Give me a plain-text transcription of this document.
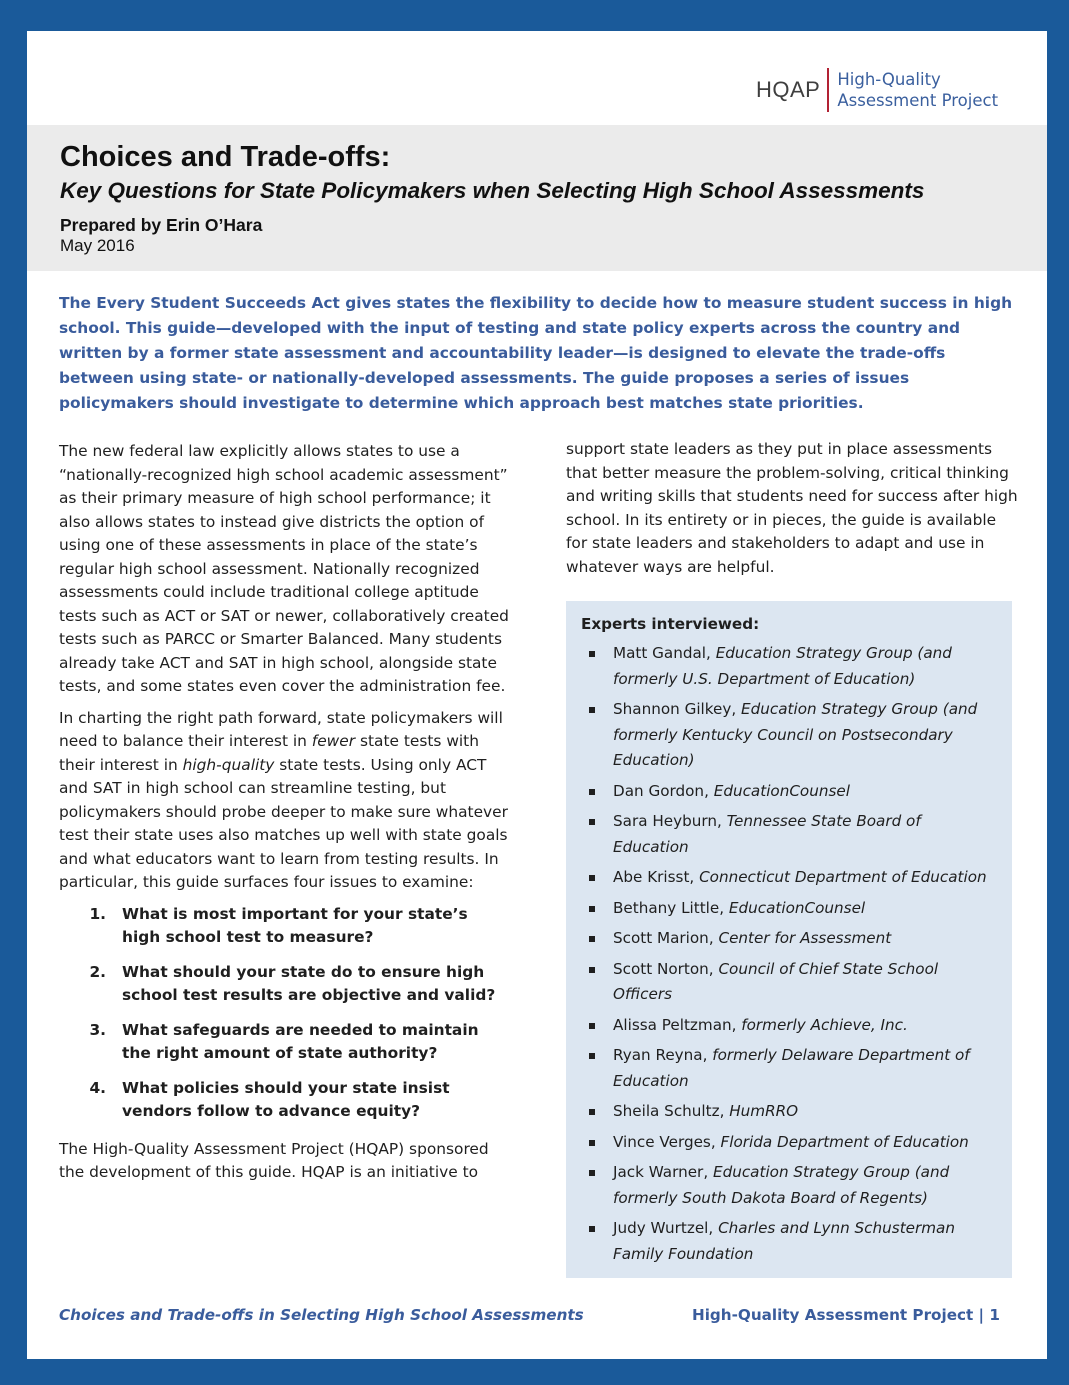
HQAP	High-Quality
Assessment Project
Choices and Trade-offs:
Key Questions for State Policymakers when Selecting High School Assessments
Prepared by Erin O’Hara
May 2016

The Every Student Succeeds Act gives states the flexibility to decide how to measure student success in high school. This guide—developed with the input of testing and state policy experts across the country and written by a former state assessment and accountability leader—is designed to elevate the trade-offs between using state- or nationally-developed assessments. The guide proposes a series of issues policymakers should investigate to determine which approach best matches state priorities.

The new federal law explicitly allows states to use a “nationally-recognized high school academic assessment” as their primary measure of high school performance; it also allows states to instead give districts the option of using one of these assessments in place of the state’s regular high school assessment. Nationally recognized assessments could include traditional college aptitude tests such as ACT or SAT or newer, collaboratively created tests such as PARCC or Smarter Balanced. Many students already take ACT and SAT in high school, alongside state tests, and some states even cover the administration fee.

In charting the right path forward, state policymakers will need to balance their interest in fewer state tests with their interest in high-quality state tests. Using only ACT and SAT in high school can streamline testing, but policymakers should probe deeper to make sure whatever test their state uses also matches up well with state goals and what educators want to learn from testing results. In particular, this guide surfaces four issues to examine:

1.	What is most important for your state’s high school test to measure?
2.	What should your state do to ensure high school test results are objective and valid?
3.	What safeguards are needed to maintain the right amount of state authority?
4.	What policies should your state insist vendors follow to advance equity?

The High-Quality Assessment Project (HQAP) sponsored the development of this guide. HQAP is an initiative to

support state leaders as they put in place assessments that better measure the problem-solving, critical thinking and writing skills that students need for success after high school. In its entirety or in pieces, the guide is available for state leaders and stakeholders to adapt and use in whatever ways are helpful.

Experts interviewed:
Matt Gandal, Education Strategy Group (and formerly U.S. Department of Education)
Shannon Gilkey, Education Strategy Group (and formerly Kentucky Council on Postsecondary Education)
Dan Gordon, EducationCounsel
Sara Heyburn, Tennessee State Board of Education
Abe Krisst, Connecticut Department of Education
Bethany Little, EducationCounsel
Scott Marion, Center for Assessment
Scott Norton, Council of Chief State School Officers
Alissa Peltzman, formerly Achieve, Inc.
Ryan Reyna, formerly Delaware Department of Education
Sheila Schultz, HumRRO
Vince Verges, Florida Department of Education
Jack Warner, Education Strategy Group (and formerly South Dakota Board of Regents)
Judy Wurtzel, Charles and Lynn Schusterman Family Foundation
Choices and Trade-offs in Selecting High School Assessments	High-Quality Assessment Project | 1
